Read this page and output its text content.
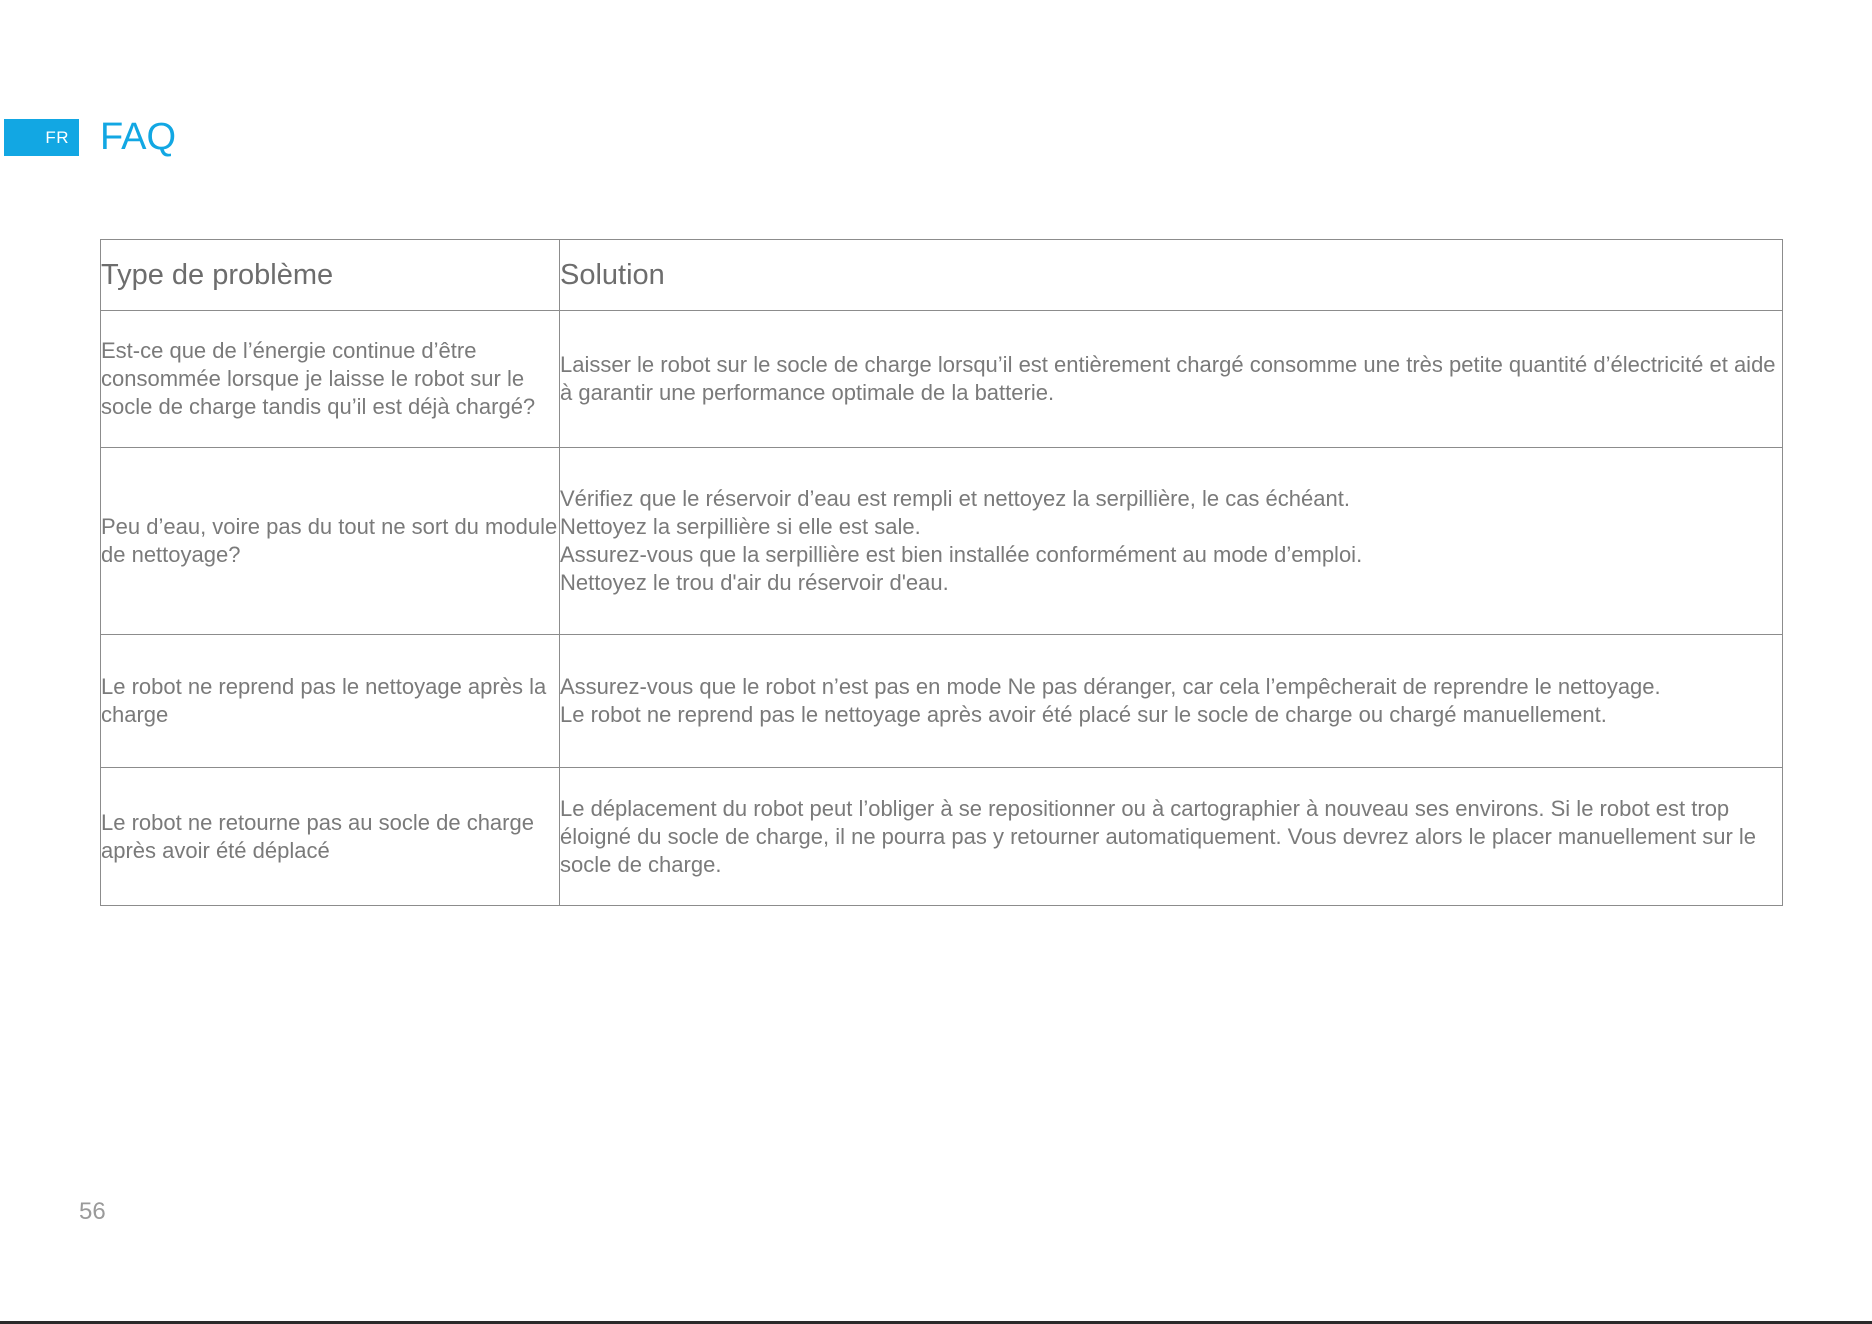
FR FAQ
Type de problème	Solution
Est-ce que de l’énergie continue d’être consommée lorsque je laisse le robot sur le socle de charge tandis qu’il est déjà chargé?	Laisser le robot sur le socle de charge lorsqu’il est entièrement chargé consomme une très petite quantité d’électricité et aide à garantir une performance optimale de la batterie.

Peu d’eau, voire pas du tout ne sort du module de nettoyage?	Vérifiez que le réservoir d’eau est rempli et nettoyez la serpillière, le cas échéant.
Nettoyez la serpillière si elle est sale.
Assurez-vous que la serpillière est bien installée conformément au mode d’emploi.
Nettoyez le trou d'air du réservoir d'eau.

Le robot ne reprend pas le nettoyage après la charge	Assurez-vous que le robot n’est pas en mode Ne pas déranger, car cela l’empêcherait de reprendre le nettoyage.
Le robot ne reprend pas le nettoyage après avoir été placé sur le socle de charge ou chargé manuellement.

Le robot ne retourne pas au socle de charge après avoir été déplacé	Le déplacement du robot peut l’obliger à se repositionner ou à cartographier à nouveau ses environs. Si le robot est trop éloigné du socle de charge, il ne pourra pas y retourner automatiquement. Vous devrez alors le placer manuellement sur le socle de charge.
56
